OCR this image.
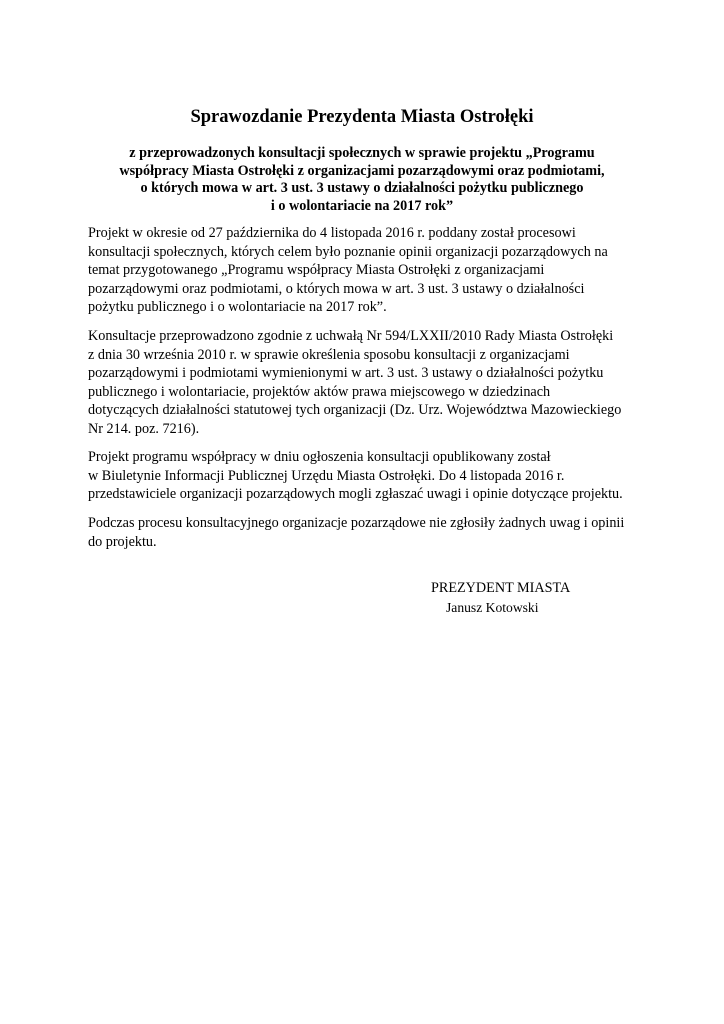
Sprawozdanie Prezydenta Miasta Ostrołęki
z przeprowadzonych konsultacji społecznych w sprawie projektu „Programu
współpracy Miasta Ostrołęki z organizacjami pozarządowymi oraz podmiotami,
o których mowa w art. 3 ust. 3 ustawy o działalności pożytku publicznego
i o wolontariacie na 2017 rok”
Projekt w okresie od 27 października do 4 listopada 2016 r. poddany został procesowi
konsultacji społecznych, których celem było poznanie opinii organizacji pozarządowych na
temat przygotowanego „Programu współpracy Miasta Ostrołęki z organizacjami
pozarządowymi oraz podmiotami, o których mowa w art. 3 ust. 3 ustawy o działalności
pożytku publicznego i o wolontariacie na 2017 rok”.
Konsultacje przeprowadzono zgodnie z uchwałą Nr 594/LXXII/2010 Rady Miasta Ostrołęki
z dnia 30 września 2010 r. w sprawie określenia sposobu konsultacji z organizacjami
pozarządowymi i podmiotami wymienionymi w art. 3 ust. 3 ustawy o działalności pożytku
publicznego i wolontariacie, projektów aktów prawa miejscowego w dziedzinach
dotyczących działalności statutowej tych organizacji (Dz. Urz. Województwa Mazowieckiego
Nr 214. poz. 7216).
Projekt programu współpracy w dniu ogłoszenia konsultacji opublikowany został
w Biuletynie Informacji Publicznej Urzędu Miasta Ostrołęki. Do 4 listopada 2016 r.
przedstawiciele organizacji pozarządowych mogli zgłaszać uwagi i opinie dotyczące projektu.
Podczas procesu konsultacyjnego organizacje pozarządowe nie zgłosiły żadnych uwag i opinii
do projektu.

PREZYDENT MIASTA

Janusz Kotowski
